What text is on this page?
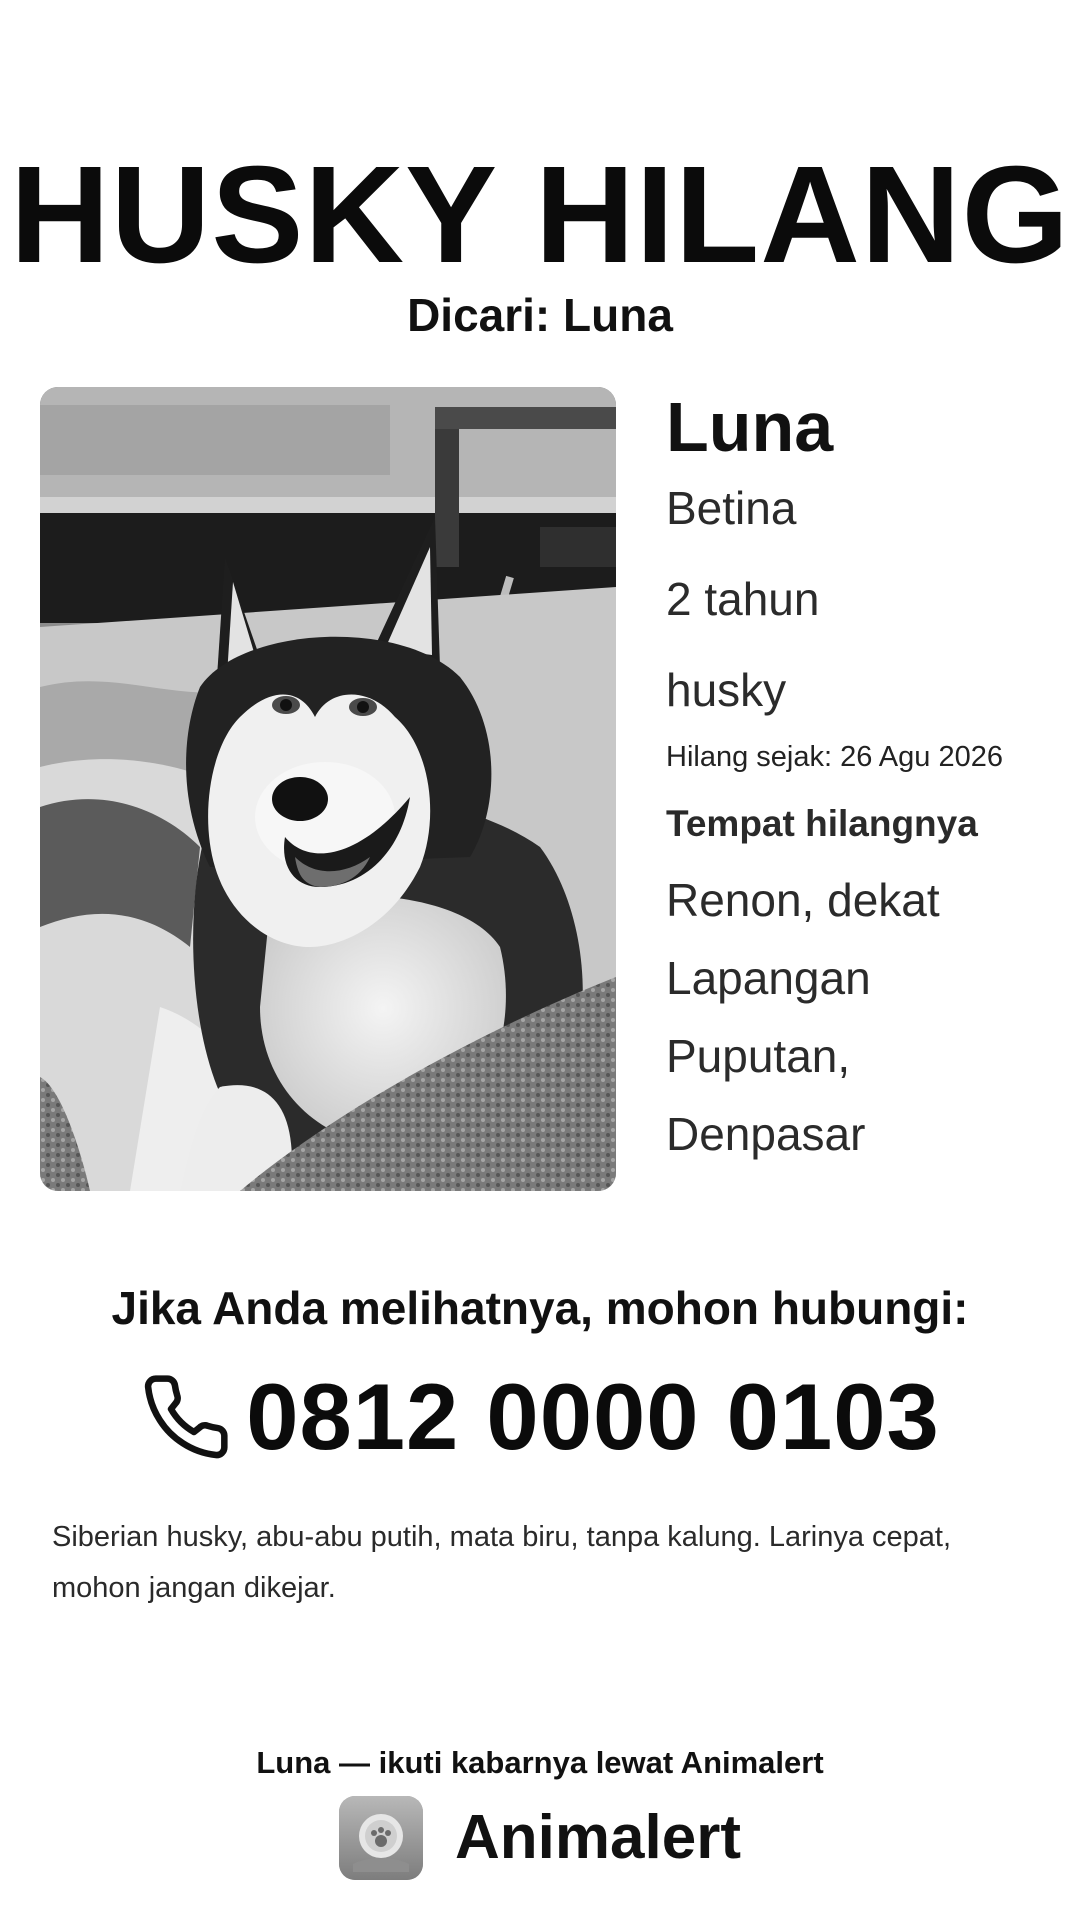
HUSKY HILANG
Dicari: Luna
Luna
Betina
2 tahun
husky
Hilang sejak: 26 Agu 2026
Tempat hilangnya
Renon, dekat
Lapangan
Puputan,
Denpasar
Jika Anda melihatnya, mohon hubungi:
0812 0000 0103
Siberian husky, abu-abu putih, mata biru, tanpa kalung. Larinya cepat, mohon jangan dikejar.
Luna — ikuti kabarnya lewat Animalert
Animalert
